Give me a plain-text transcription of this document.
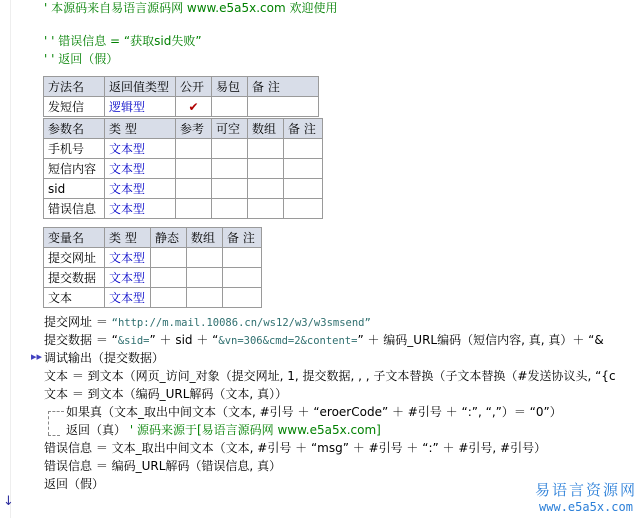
' 本源码来自易语言源码网 www.e5a5x.com 欢迎使用
' ' 错误信息 = “获取sid失败”
' ' 返回（假）
方法名	返回值类型	公开	易包	备 注
发短信	逻辑型	✔		
参数名	类 型	参考	可空	数组	备 注
手机号	文本型				
短信内容	文本型				
sid	文本型				
错误信息	文本型				
变量名	类 型	静态	数组	备 注
提交网址	文本型			
提交数据	文本型			
文本	文本型			
提交网址 ＝ “http://m.mail.10086.cn/ws12/w3/w3smsend”
提交数据 ＝ “&sid=” ＋ sid ＋ “&vn=306&cmd=2&content=” ＋ 编码_URL编码（短信内容, 真, 真）＋ “&
▸▸ 调试输出（提交数据）
文本 ＝ 到文本（网页_访问_对象（提交网址, 1, 提交数据, , , 子文本替换（子文本替换（#发送协议头, “{c
文本 ＝ 到文本（编码_URL解码（文本, 真））
如果真（文本_取出中间文本（文本, #引号 ＋ “eroerCode” ＋ #引号 ＋ “:”, “,”）＝ “0”）
返回（真） ' 源码来源于[易语言源码网 www.e5a5x.com]
错误信息 ＝ 文本_取出中间文本（文本, #引号 ＋ “msg” ＋ #引号 ＋ “:” ＋ #引号, #引号）
错误信息 ＝ 编码_URL解码（错误信息, 真）
返回（假）
↓
易语言资源网
www.e5a5x.com
